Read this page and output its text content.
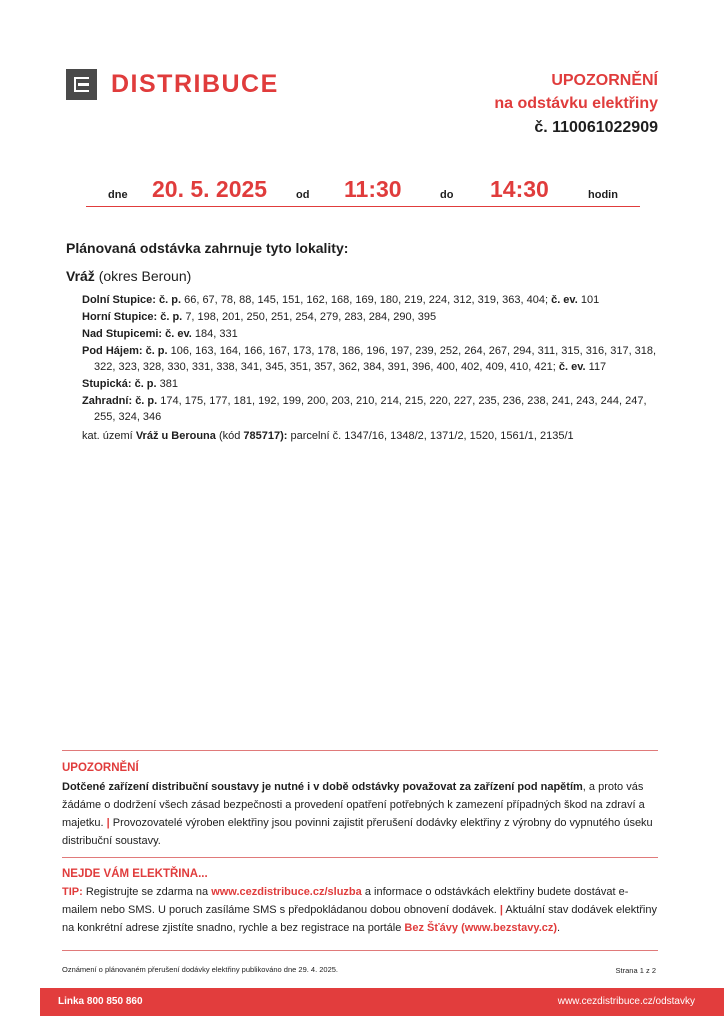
DISTRIBUCE	UPOZORNĚNÍ
na odstávku elektřiny
č. 110061022909
dne 20. 5. 2025	od 11:30	do 14:30	hodin
Plánovaná odstávka zahrnuje tyto lokality:
Vráž (okres Beroun)
Dolní Stupice: č. p. 66, 67, 78, 88, 145, 151, 162, 168, 169, 180, 219, 224, 312, 319, 363, 404; č. ev. 101
Horní Stupice: č. p. 7, 198, 201, 250, 251, 254, 279, 283, 284, 290, 395
Nad Stupicemi: č. ev. 184, 331
Pod Hájem: č. p. 106, 163, 164, 166, 167, 173, 178, 186, 196, 197, 239, 252, 264, 267, 294, 311, 315, 316, 317, 318, 322, 323, 328, 330, 331, 338, 341, 345, 351, 357, 362, 384, 391, 396, 400, 402, 409, 410, 421; č. ev. 117
Stupická: č. p. 381
Zahradní: č. p. 174, 175, 177, 181, 192, 199, 200, 203, 210, 214, 215, 220, 227, 235, 236, 238, 241, 243, 244, 247, 255, 324, 346
kat. území Vráž u Berouna (kód 785717): parcelní č. 1347/16, 1348/2, 1371/2, 1520, 1561/1, 2135/1
UPOZORNĚNÍ
Dotčené zařízení distribuční soustavy je nutné i v době odstávky považovat za zařízení pod napětím, a proto vás žádáme o dodržení všech zásad bezpečnosti a provedení opatření potřebných k zamezení případných škod na zdraví a majetku. | Provozovatelé výroben elektřiny jsou povinni zajistit přerušení dodávky elektřiny z výrobny do vypnutého úseku distribuční soustavy.
NEJDE VÁM ELEKTŘINA...
TIP: Registrujte se zdarma na www.cezdistribuce.cz/sluzba a informace o odstávkách elektřiny budete dostávat e-mailem nebo SMS. U poruch zasíláme SMS s předpokládanou dobou obnovení dodávek. | Aktuální stav dodávek elektřiny na konkrétní adrese zjistíte snadno, rychle a bez registrace na portále Bez Šťávy (www.bezstavy.cz).
Oznámení o plánovaném přerušení dodávky elektřiny publikováno dne 29. 4. 2025.	Strana 1 z 2
Linka 800 850 860	www.cezdistribuce.cz/odstavky
